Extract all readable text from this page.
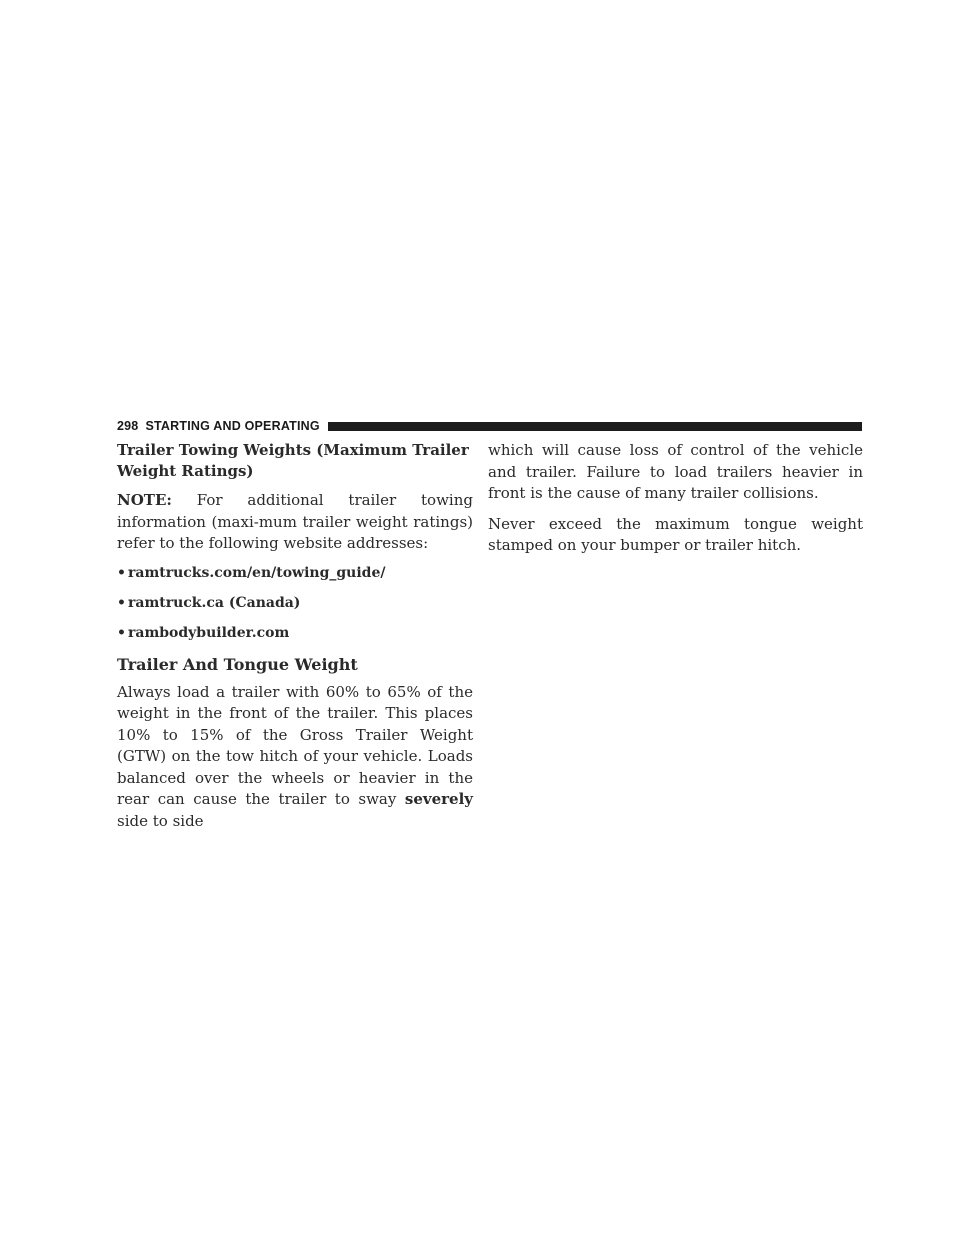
298 STARTING AND OPERATING
Trailer Towing Weights (Maximum Trailer Weight Ratings)

NOTE: For additional trailer towing information (maxi-mum trailer weight ratings) refer to the following website addresses:

• ramtrucks.com/en/towing_guide/
• ramtruck.ca (Canada)
• rambodybuilder.com
Trailer And Tongue Weight

Always load a trailer with 60% to 65% of the weight in the front of the trailer. This places 10% to 15% of the Gross Trailer Weight (GTW) on the tow hitch of your vehicle. Loads balanced over the wheels or heavier in the rear can cause the trailer to sway severely side to side

which will cause loss of control of the vehicle and trailer. Failure to load trailers heavier in front is the cause of many trailer collisions.

Never exceed the maximum tongue weight stamped on your bumper or trailer hitch.
